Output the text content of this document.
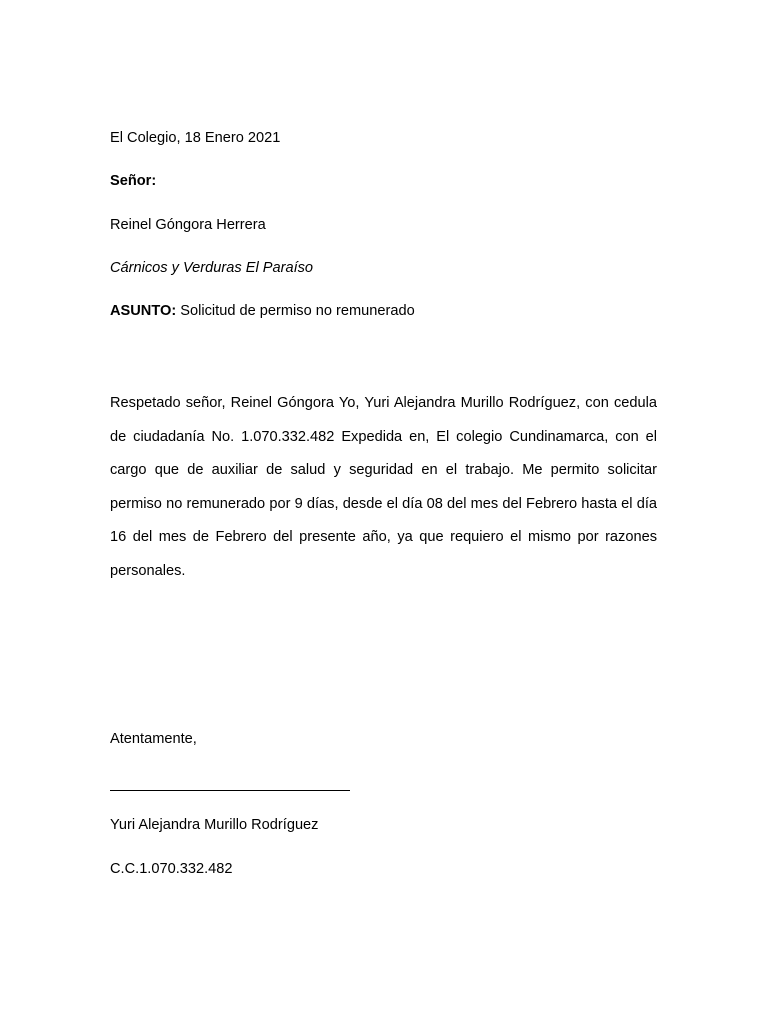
El Colegio, 18 Enero 2021
Señor:
Reinel Góngora Herrera
Cárnicos y Verduras El Paraíso
ASUNTO: Solicitud de permiso no remunerado

Respetado señor, Reinel Góngora Yo, Yuri Alejandra Murillo Rodríguez, con cedula de ciudadanía No. 1.070.332.482 Expedida en, El colegio Cundinamarca, con el cargo que de auxiliar de salud y seguridad en el trabajo. Me permito solicitar permiso no remunerado por 9 días, desde el día 08 del mes del Febrero hasta el día 16 del mes de Febrero del presente año, ya que requiero el mismo por razones personales.

Atentamente,
Yuri Alejandra Murillo Rodríguez
C.C.1.070.332.482
